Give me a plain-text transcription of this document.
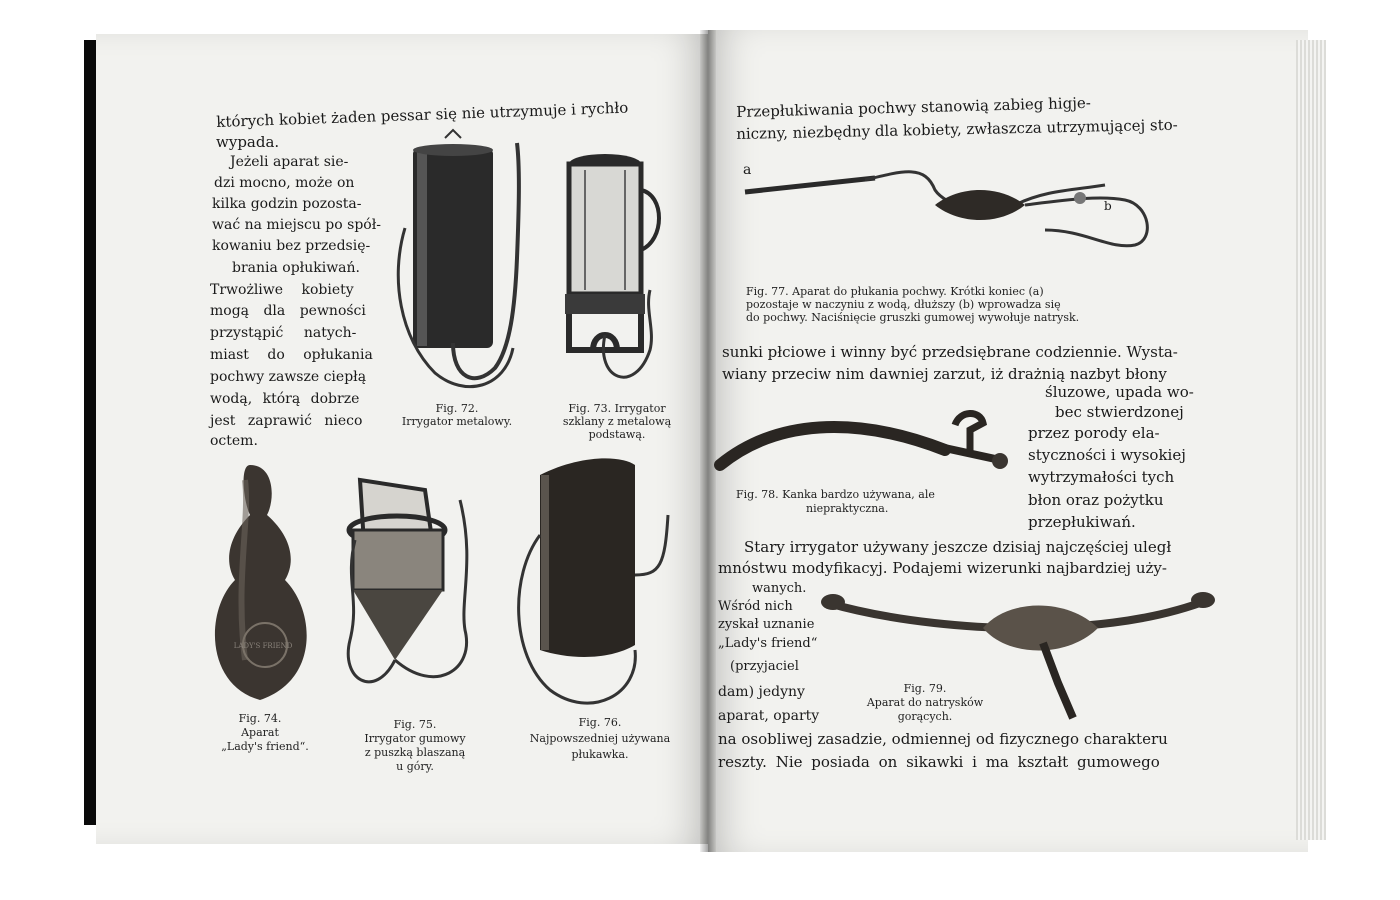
których kobiet żaden pessar się nie utrzymuje i rychło
wypada.
Jeżeli aparat sie-
dzi mocno, może on
kilka godzin pozosta-
wać na miejscu po spół-
kowaniu bez przedsię-
brania opłukiwań.
Trwożliwe kobiety
mogą dla pewności
przystąpić natych-
miast do opłukania
pochwy zawsze ciepłą
wodą, którą dobrze
jest zaprawić nieco
octem.
Fig. 72.
Irrygator metalowy.
Fig. 73. Irrygator
szklany z metalową
podstawą.
LADY'S FRIEND
Fig. 74.
Aparat
„Lady's friend“.
Fig. 75.
Irrygator gumowy
z puszką blaszaną
u góry.
Fig. 76.
Najpowszedniej używana
płukawka.
Przepłukiwania pochwy stanowią zabieg higje-
niczny, niezbędny dla kobiety, zwłaszcza utrzymującej sto-
a
b
Fig. 77. Aparat do płukania pochwy. Krótki koniec (a)
pozostaje w naczyniu z wodą, dłuższy (b) wprowadza się
do pochwy. Naciśnięcie gruszki gumowej wywołuje natrysk.
sunki płciowe i winny być przedsiębrane codziennie. Wysta-
wiany przeciw nim dawniej zarzut, iż drażnią nazbyt błony
śluzowe, upada wo-
bec stwierdzonej
przez porody ela-
styczności i wysokiej
wytrzymałości tych
błon oraz pożytku
przepłukiwań.
Fig. 78. Kanka bardzo używana, ale
niepraktyczna.
Stary irrygator używany jeszcze dzisiaj najczęściej uległ
mnóstwu modyfikacyj. Podajemi wizerunki najbardziej uży-
wanych.
Wśród nich
zyskał uznanie
„Lady's friend“
(przyjaciel
dam) jedyny
aparat, oparty
na osobliwej zasadzie, odmiennej od fizycznego charakteru
reszty. Nie posiada on sikawki i ma kształt gumowego
Fig. 79.
Aparat do natrysków
gorących.
